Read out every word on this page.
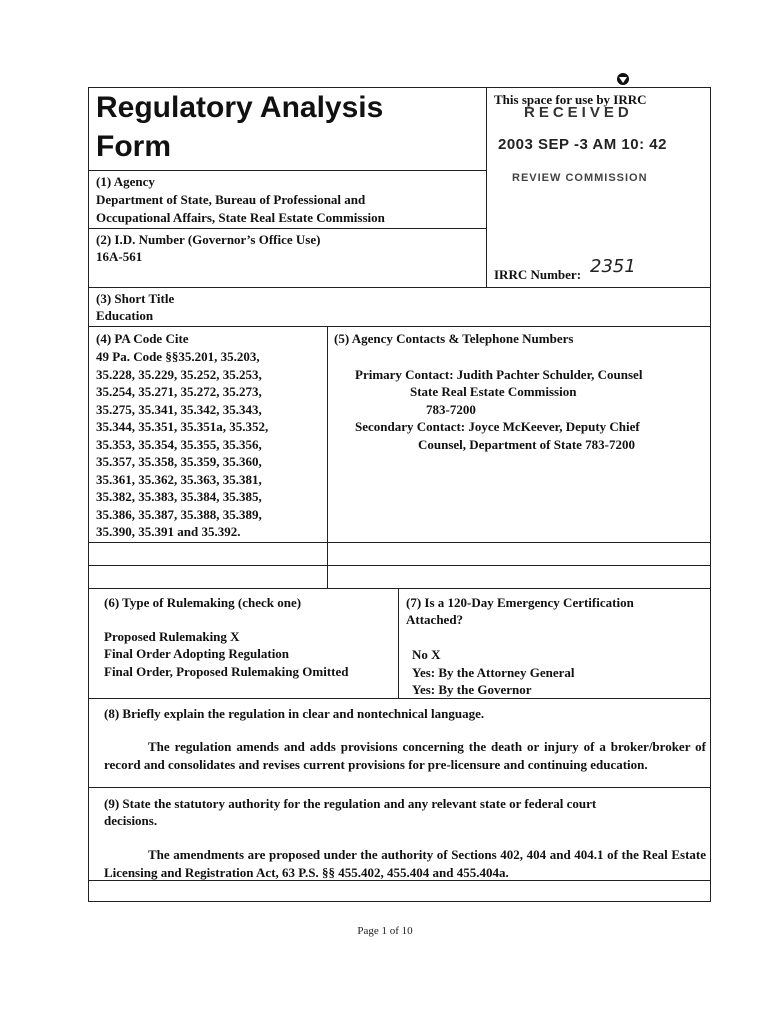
Regulatory Analysis
Form
This space for use by IRRC
RECEIVED
2003 SEP -3 AM 10: 42
REVIEW COMMISSION
IRRC Number: 2351
(1) Agency
Department of State, Bureau of Professional and
Occupational Affairs, State Real Estate Commission
(2) I.D. Number (Governor’s Office Use)
16A-561
(3) Short Title
Education
(4) PA Code Cite
49 Pa. Code §§35.201, 35.203,
35.228, 35.229, 35.252, 35.253,
35.254, 35.271, 35.272, 35.273,
35.275, 35.341, 35.342, 35.343,
35.344, 35.351, 35.351a, 35.352,
35.353, 35.354, 35.355, 35.356,
35.357, 35.358, 35.359, 35.360,
35.361, 35.362, 35.363, 35.381,
35.382, 35.383, 35.384, 35.385,
35.386, 35.387, 35.388, 35.389,
35.390, 35.391 and 35.392.
(5) Agency Contacts & Telephone Numbers
Primary Contact: Judith Pachter Schulder, Counsel
State Real Estate Commission
783-7200
Secondary Contact: Joyce McKeever, Deputy Chief
Counsel, Department of State 783-7200
(6) Type of Rulemaking (check one)
Proposed Rulemaking X
Final Order Adopting Regulation
Final Order, Proposed Rulemaking Omitted
(7) Is a 120-Day Emergency Certification
Attached?
No X
Yes: By the Attorney General
Yes: By the Governor
(8) Briefly explain the regulation in clear and nontechnical language.
The regulation amends and adds provisions concerning the death or injury of a broker/broker of record and consolidates and revises current provisions for pre-licensure and continuing education.
(9) State the statutory authority for the regulation and any relevant state or federal court
decisions.
The amendments are proposed under the authority of Sections 402, 404 and 404.1 of the Real Estate Licensing and Registration Act, 63 P.S. §§ 455.402, 455.404 and 455.404a.
Page 1 of 10
